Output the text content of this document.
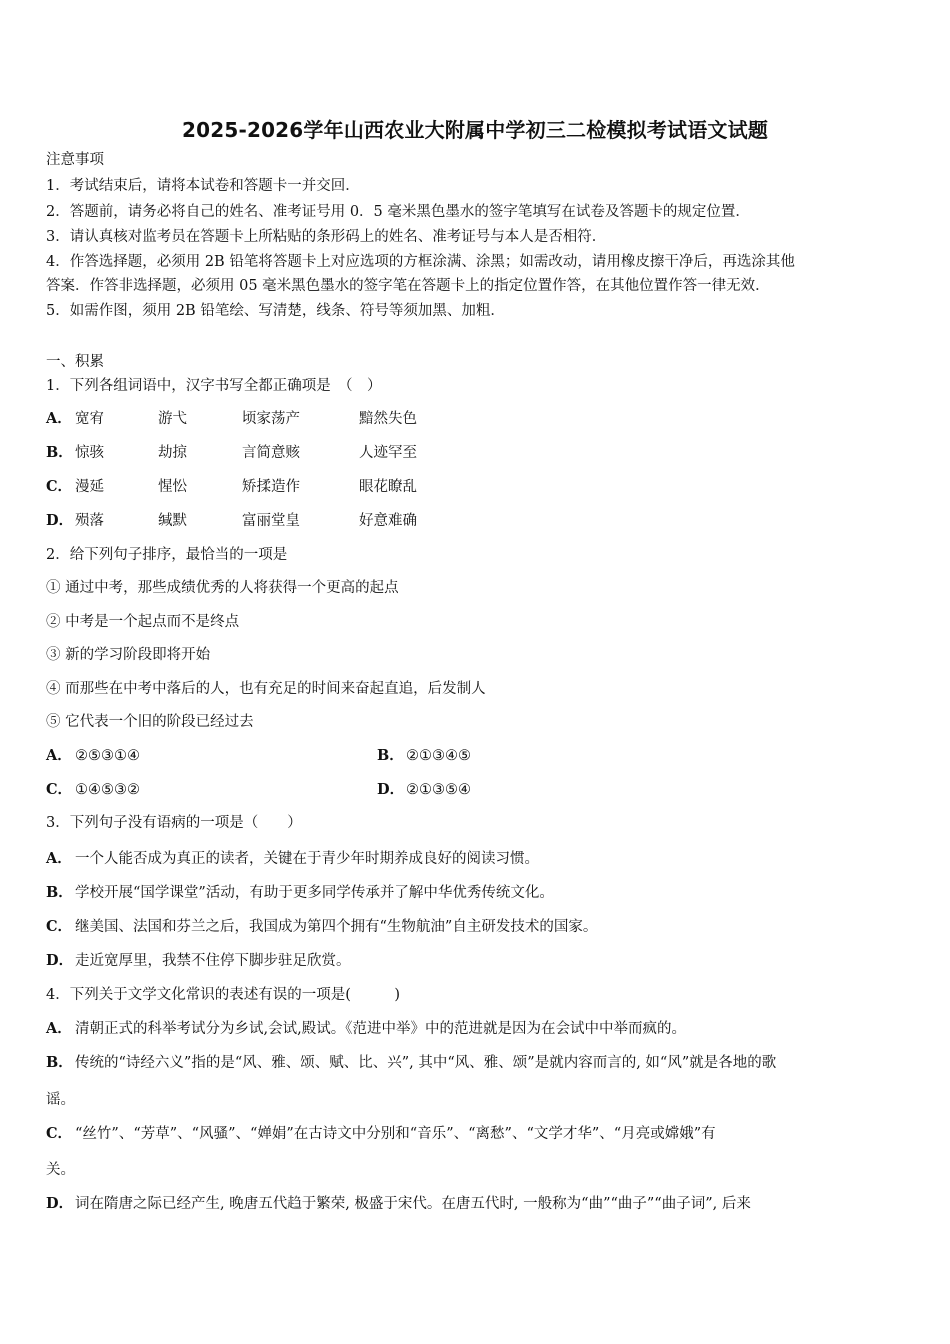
2025-2026学年山西农业大附属中学初三二检模拟考试语文试题
注意事项
1．考试结束后，请将本试卷和答题卡一并交回．
2．答题前，请务必将自己的姓名、准考证号用 0．5 毫米黑色墨水的签字笔填写在试卷及答题卡的规定位置．
3．请认真核对监考员在答题卡上所粘贴的条形码上的姓名、准考证号与本人是否相符．
4．作答选择题，必须用 2B 铅笔将答题卡上对应选项的方框涂满、涂黑；如需改动，请用橡皮擦干净后，再选涂其他
答案．作答非选择题，必须用 05 毫米黑色墨水的签字笔在答题卡上的指定位置作答，在其他位置作答一律无效．
5．如需作图，须用 2B 铅笔绘、写清楚，线条、符号等须加黑、加粗．
一、积累
1．下列各组词语中，汉字书写全都正确项是　（　）
A． 宽宥	游弋	顷家荡产	黯然失色
B． 惊骇	劫掠	言简意赅	人迹罕至
C． 漫延	惺忪	矫揉造作	眼花瞭乱
D． 殒落	缄默	富丽堂皇	好意难确
2．给下列句子排序，最恰当的一项是
① 通过中考，那些成绩优秀的人将获得一个更高的起点
② 中考是一个起点而不是终点
③ 新的学习阶段即将开始
④ 而那些在中考中落后的人，也有充足的时间来奋起直追，后发制人
⑤ 它代表一个旧的阶段已经过去
A． ②⑤③①④	B． ②①③④⑤
C． ①④⑤③②	D． ②①③⑤④
3．下列句子没有语病的一项是（　　）
A． 一个人能否成为真正的读者，关键在于青少年时期养成良好的阅读习惯。
B． 学校开展“国学课堂”活动，有助于更多同学传承并了解中华优秀传统文化。
C． 继美国、法国和芬兰之后，我国成为第四个拥有“生物航油”自主研发技术的国家。
D． 走近宽厚里，我禁不住停下脚步驻足欣赏。
4．下列关于文学文化常识的表述有误的一项是(　　　)
A． 清朝正式的科举考试分为乡试,会试,殿试。《范进中举》中的范进就是因为在会试中中举而疯的。
B． 传统的“诗经六义”指的是“风、雅、颂、赋、比、兴”, 其中“风、雅、颂”是就内容而言的, 如“风”就是各地的歌
谣。
C． “丝竹”、“芳草”、“风骚”、“婵娟”在古诗文中分别和“音乐”、“离愁”、“文学才华”、“月亮或嫦娥”有
关。
D． 词在隋唐之际已经产生, 晚唐五代趋于繁荣, 极盛于宋代。在唐五代时, 一般称为“曲”“曲子”“曲子词”, 后来
